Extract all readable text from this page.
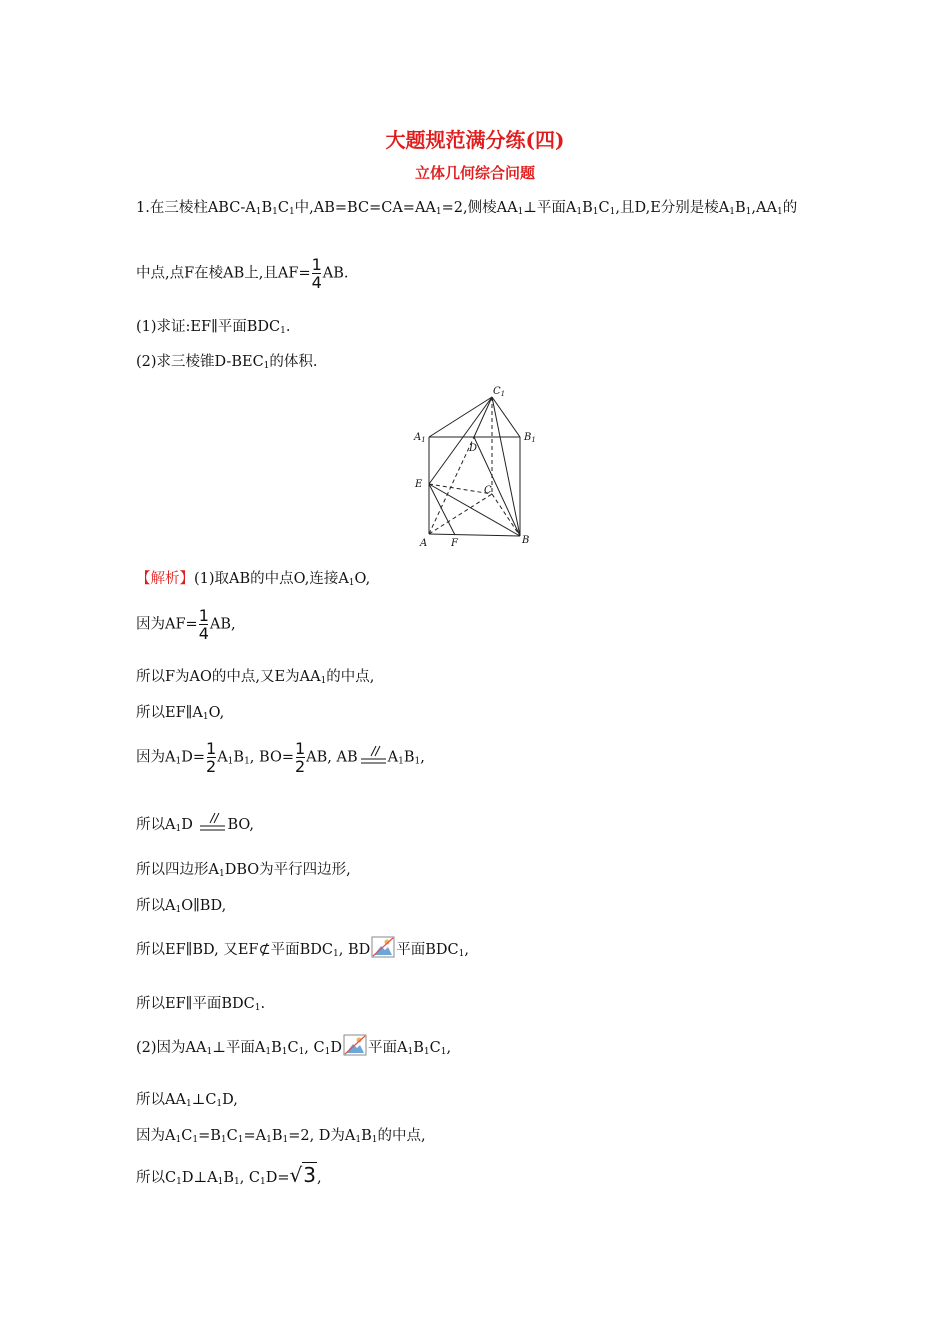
大题规范满分练(四)
立体几何综合问题
1.在三棱柱ABC-$A_1B_1C_1$中$,AB=BC=CA=AA_1=2$,侧棱$AA_1\perp$平面$A_1B_1C_1$,且D,E分别是棱$A_1B_1,AA_1$的
中点,点F在棱AB上,且$AF= \frac{1}{4}$ AB.
(1)求证:EF∥平面$BDC_1$.
(2)求三棱锥$D-BEC_1$的体积.
$C_1$
$A_1$	$B_1$
D
E
C
A F	B
【解析】(1)取AB的中点O,连接$A_1O$,
因为$AF= \frac{1}{4}$ AB,
所以F为AO的中点,又E为$AA_1$的中点,
所以$EF\parallel A_1O$,
因为$A_1D= \frac{1}{2} A_1B_1$, $BO= \frac{1}{2}$ AB, AB $A_1B_1$,
所以$A_1D$ BO,
所以四边形$A_1DBO$为平行四边形,
所以$A_1O\parallel BD$,
所以EF∥BD, 又EF⊄平面$BDC_1$, BD 平面$BDC_1$,
所以EF∥平面$BDC_1$.
(2)因为$AA_1\perp$平面$A_1B_1C_1$, $C_1D$ 平面$A_1B_1C_1$,
所以$AA_1\perp C_1D$,
因为$A_1C_1=B_1C_1=A_1B_1=2$, D为$A_1B_1$的中点,
所以$C_1D\perp A_1B_1$, $C_1D=√3$,
